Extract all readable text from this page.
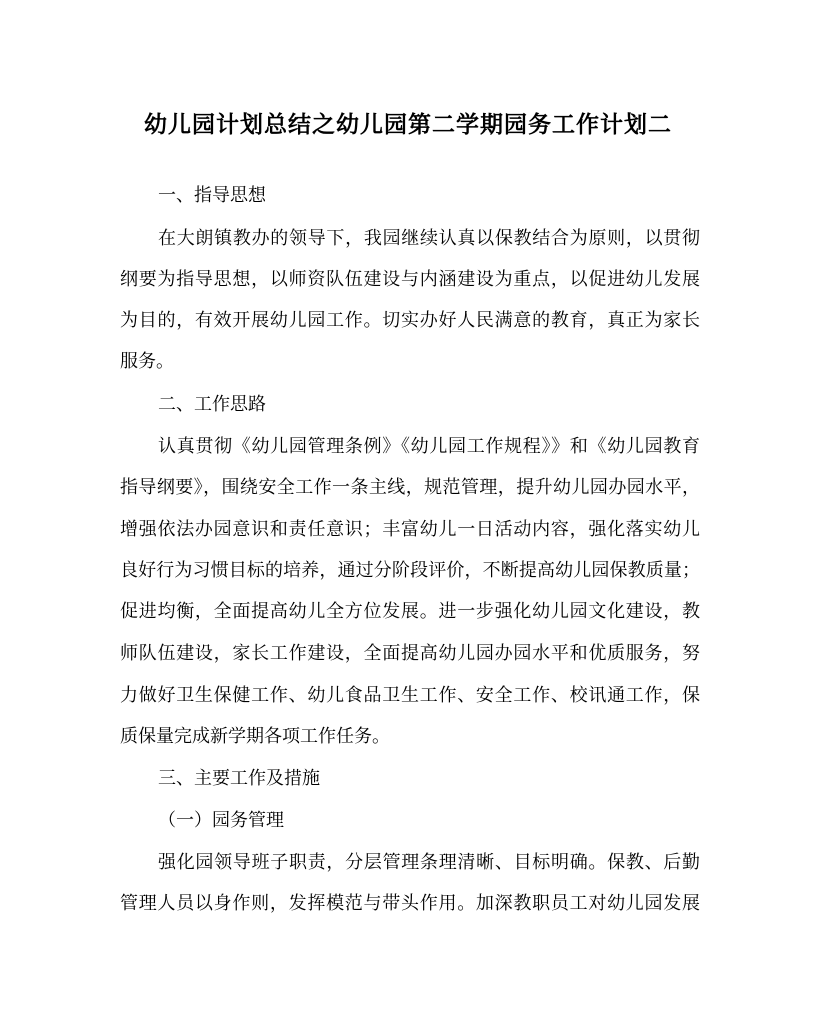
幼儿园计划总结之幼儿园第二学期园务工作计划二
一、指导思想
在大朗镇教办的领导下，我园继续认真以保教结合为原则，以贯彻
纲要为指导思想，以师资队伍建设与内涵建设为重点，以促进幼儿发展
为目的，有效开展幼儿园工作。切实办好人民满意的教育，真正为家长
服务。
二、工作思路
认真贯彻《幼儿园管理条例》《幼儿园工作规程》》和《幼儿园教育
指导纲要》，围绕安全工作一条主线，规范管理，提升幼儿园办园水平，
增强依法办园意识和责任意识；丰富幼儿一日活动内容，强化落实幼儿
良好行为习惯目标的培养，通过分阶段评价，不断提高幼儿园保教质量；
促进均衡，全面提高幼儿全方位发展。进一步强化幼儿园文化建设，教
师队伍建设，家长工作建设，全面提高幼儿园办园水平和优质服务，努
力做好卫生保健工作、幼儿食品卫生工作、安全工作、校讯通工作，保
质保量完成新学期各项工作任务。
三、主要工作及措施
（一）园务管理
强化园领导班子职责，分层管理条理清晰、目标明确。保教、后勤
管理人员以身作则，发挥模范与带头作用。加深教职员工对幼儿园发展
